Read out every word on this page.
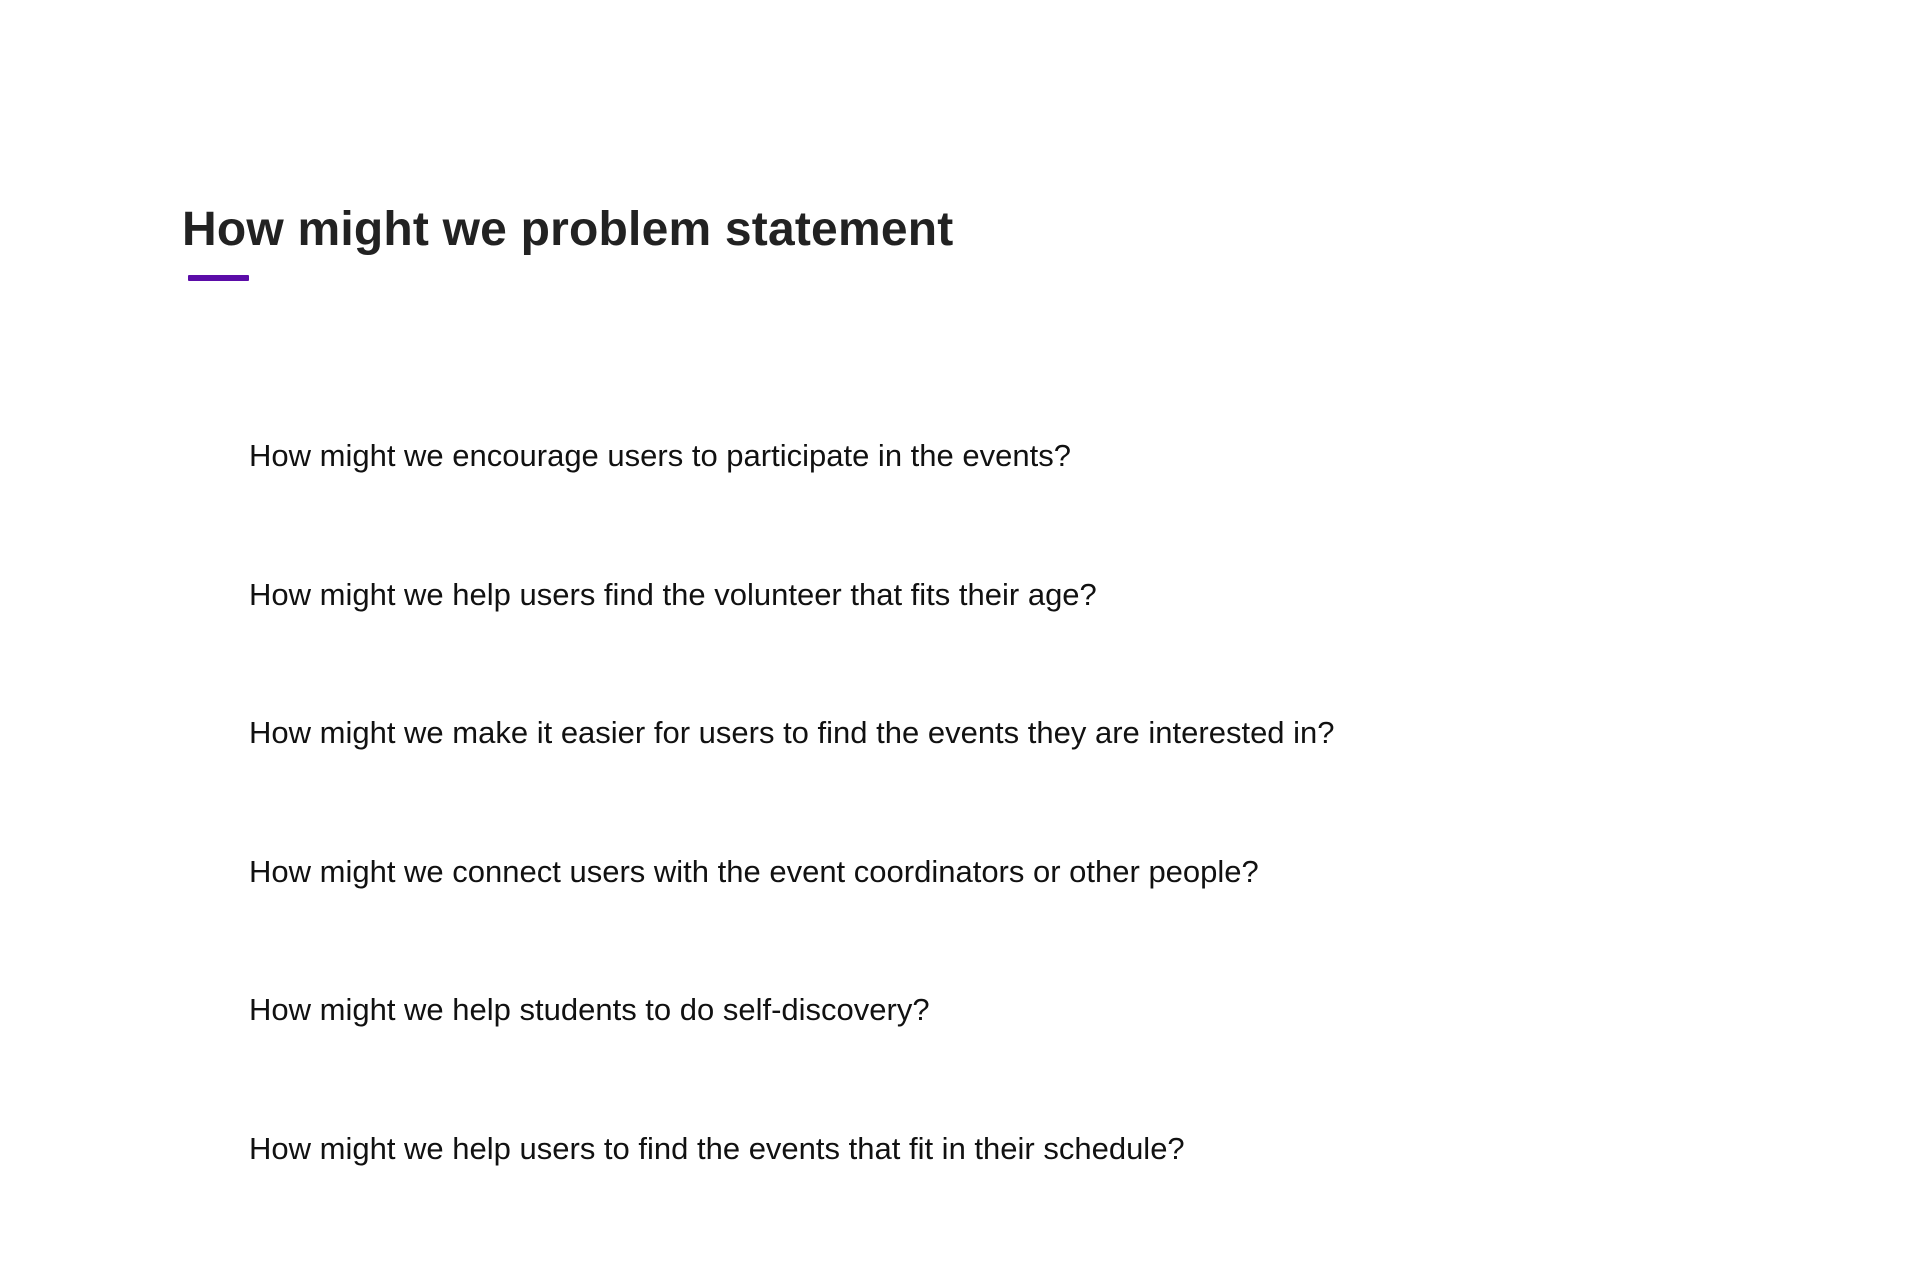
How might we problem statement
How might we encourage users to participate in the events?
How might we help users find the volunteer that fits their age?
How might we make it easier for users to find the events they are interested in?
How might we connect users with the event coordinators or other people?
How might we help students to do self-discovery?
How might we help users to find the events that fit in their schedule?
